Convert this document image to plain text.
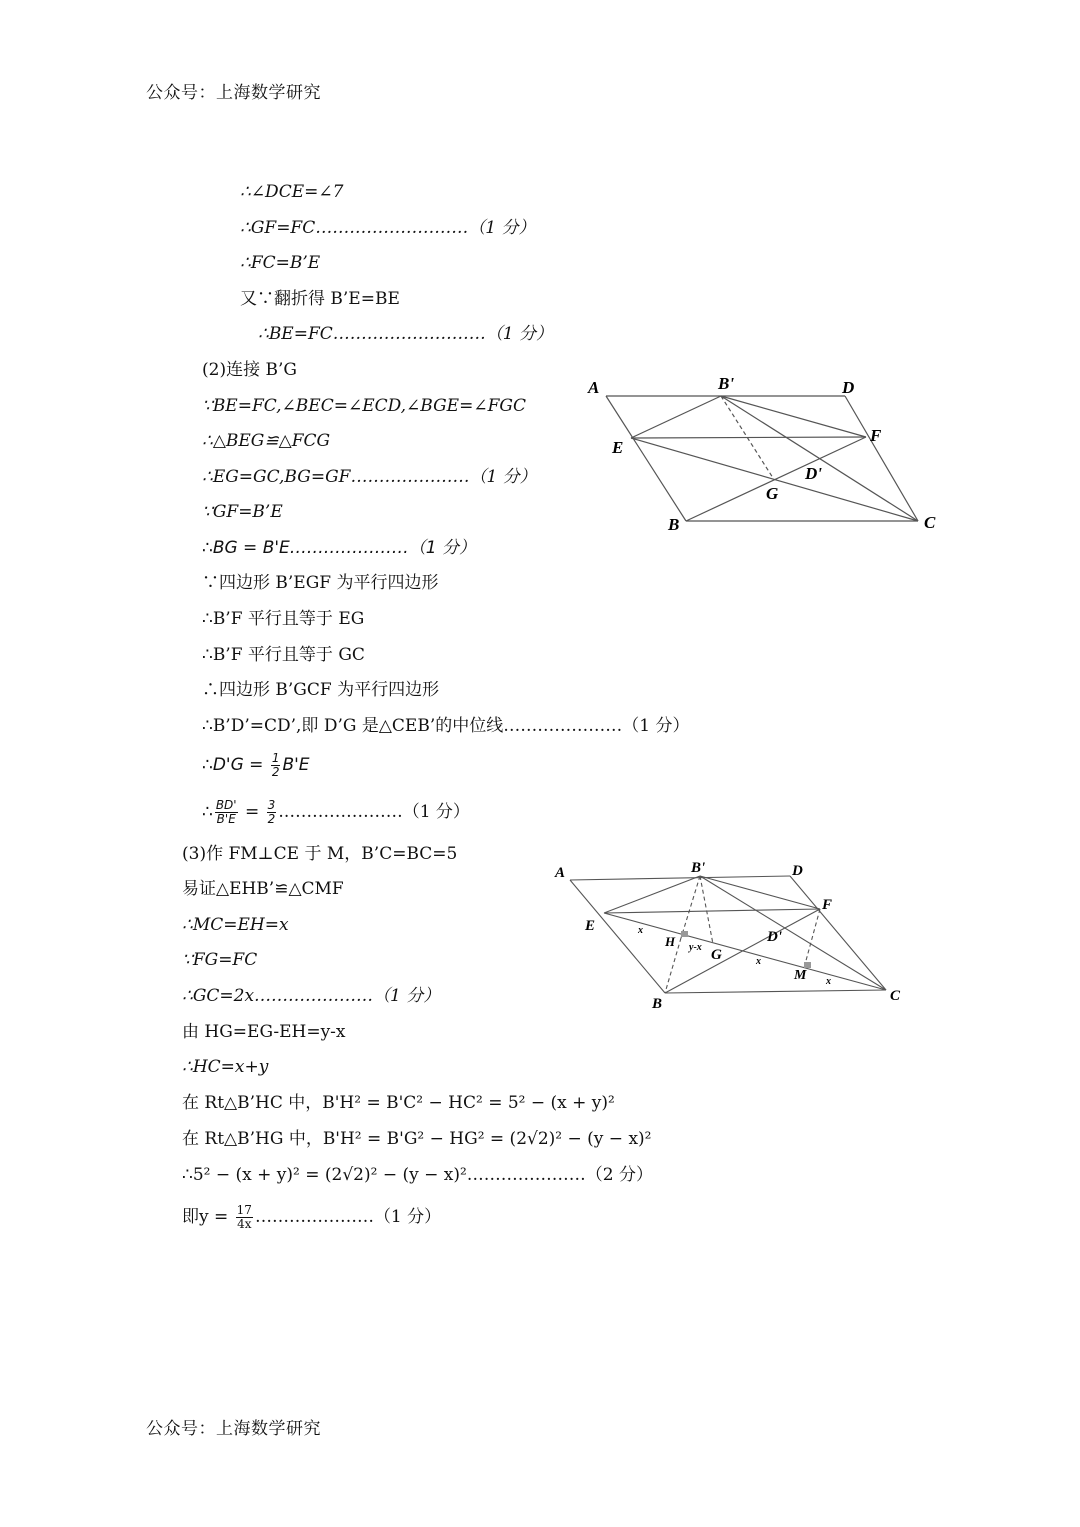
公众号：上海数学研究
∴∠DCE=∠7
∴GF=FC………………………（1 分）
∴FC=B’E
又∵翻折得 B’E=BE
∴BE=FC………………………（1 分）
(2)连接 B’G
∵BE=FC,∠BEC=∠ECD,∠BGE=∠FGC
∴△BEG≌△FCG
∴EG=GC,BG=GF…………………（1 分）
∵GF=B’E
∴BG = B'E…………………（1 分）
∵四边形 B’EGF 为平行四边形
∴B’F 平行且等于 EG
∴B’F 平行且等于 GC
∴四边形 B’GCF 为平行四边形
∴B’D’=CD’,即 D’G 是△CEB’的中位线…………………（1 分）
∴D'G = $\frac{1}{2} B'E$
∴ $\frac{BD'}{B'E} = \frac{3}{2}$ .…………………（1 分）
(3)作 FM⊥CE 于 M，B’C=BC=5
易证△EHB’≌△CMF
∴MC=EH=x
∵FG=FC
∴GC=2x…………………（1 分）
由 HG=EG-EH=y-x
∴HC=x+y
在 Rt△B’HC 中，B'H² = B'C² − HC² = 5² − (x + y)²
在 Rt△B’HG 中，B'H² = B'G² − HG² = (2√2)² − (y − x)²
∴5² − (x + y)² = (2√2)² − (y − x)²…………………（2 分）
即$y = \frac{17}{4x}$ …………………（1 分）
A	B'	D
E
F
D'
G
B	C
A	B'	D
E
F
D'
G
H
M
B	C
x
y-x
x
x
公众号：上海数学研究
